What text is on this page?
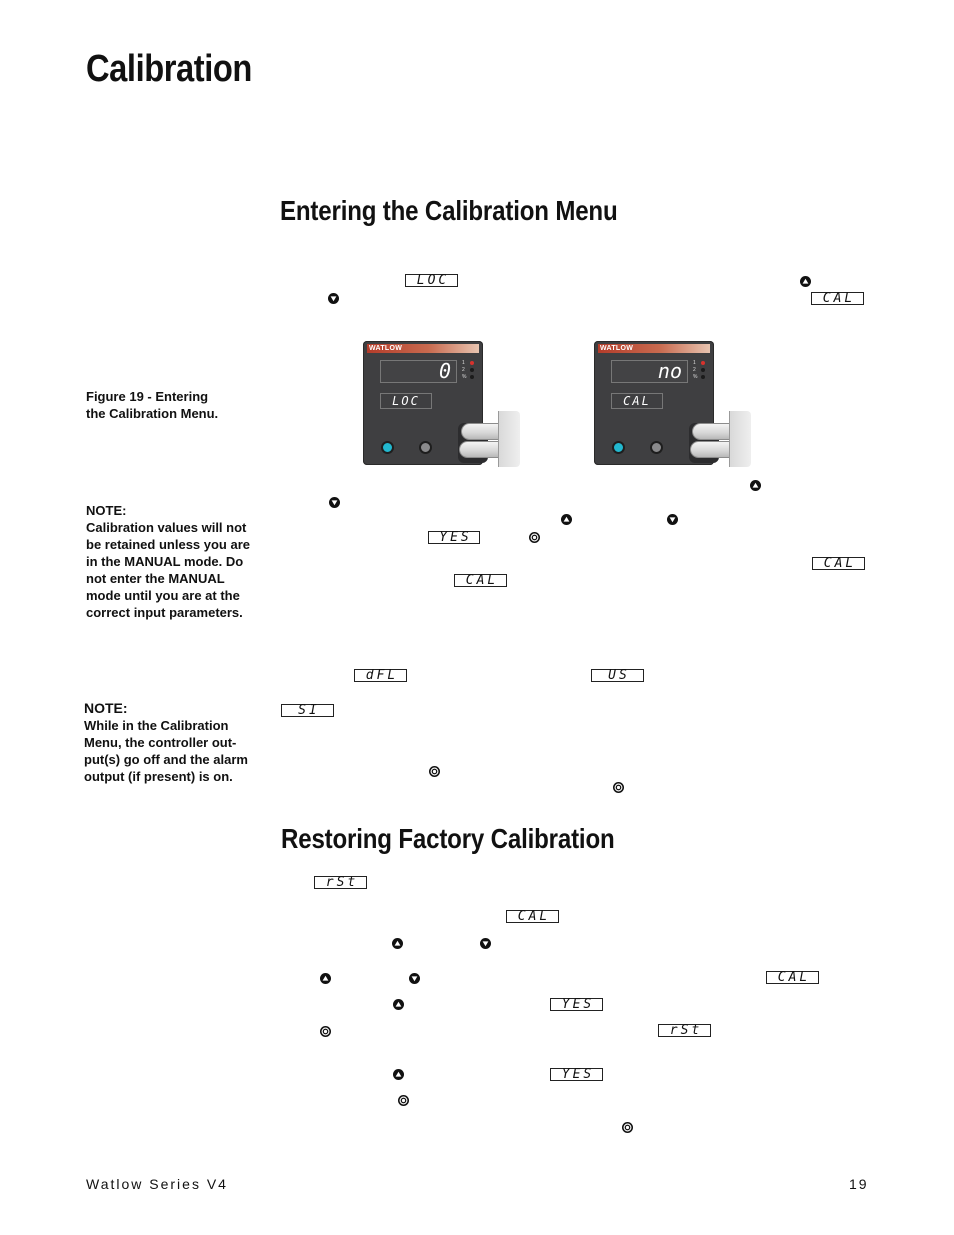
Calibration
Entering the Calibration Menu
LOC
CAL
WATLOW	V4
0
LOC
1
2
%
WATLOW	V4
no
CAL
1
2
%
Figure 19 - Entering the Calibration Menu.
NOTE:
Calibration values will not be retained unless you are in the MANUAL mode. Do not enter the MANUAL mode until you are at the correct input parameters.
NOTE:
While in the Calibration Menu, the controller out-put(s) go off and the alarm output (if present) is on.
YES
CAL
CAL
dFL	US
SI
Restoring Factory Calibration
rSt
CAL
CAL
YES
rSt
YES
Watlow Series V4	19
